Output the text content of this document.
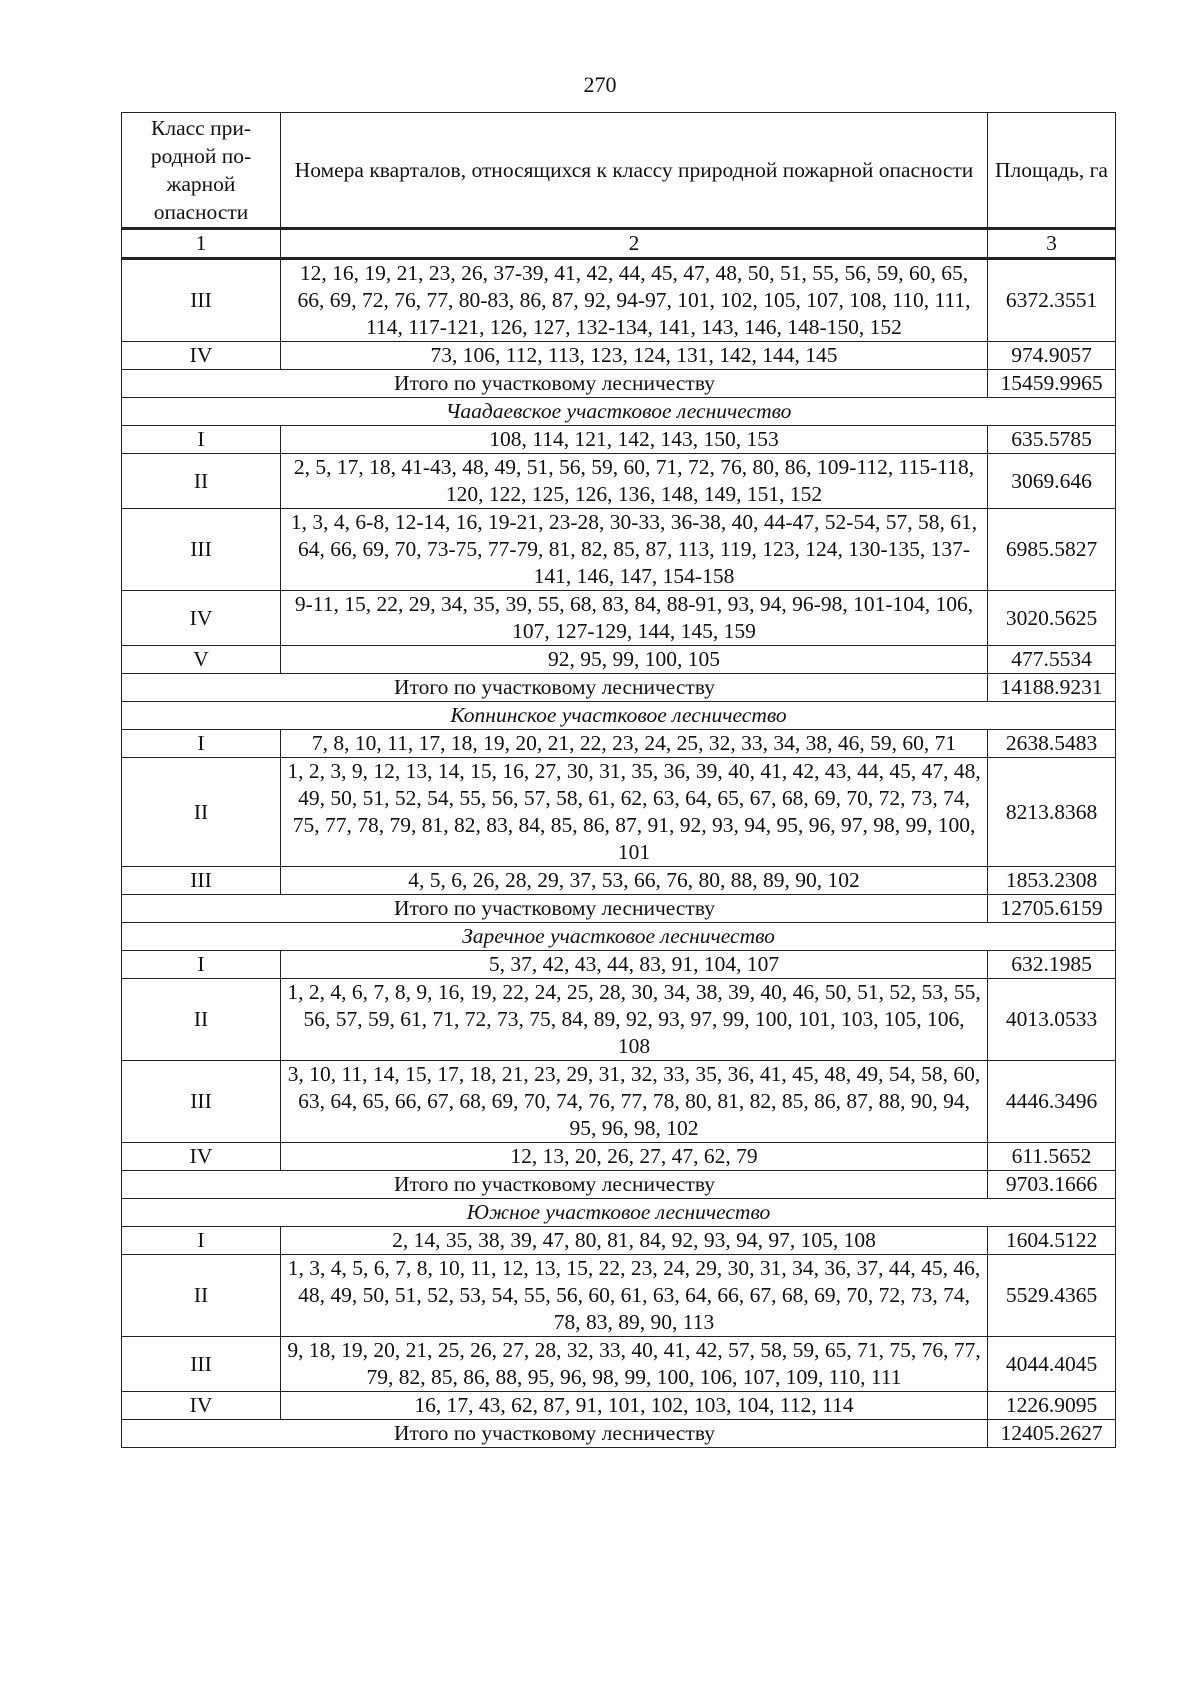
270
Класс при-родной по-жарной опасности	Номера кварталов, относящихся к классу природной пожарной опасности	Площадь, га
1	2	3
III	12, 16, 19, 21, 23, 26, 37-39, 41, 42, 44, 45, 47, 48, 50, 51, 55, 56, 59, 60, 65, 66, 69, 72, 76, 77, 80-83, 86, 87, 92, 94-97, 101, 102, 105, 107, 108, 110, 111, 114, 117-121, 126, 127, 132-134, 141, 143, 146, 148-150, 152	6372.3551
IV	73, 106, 112, 113, 123, 124, 131, 142, 144, 145	974.9057
Итого по участковому лесничеству		15459.9965
Чаадаевское участковое лесничество		
I	108, 114, 121, 142, 143, 150, 153	635.5785
II	2, 5, 17, 18, 41-43, 48, 49, 51, 56, 59, 60, 71, 72, 76, 80, 86, 109-112, 115-118, 120, 122, 125, 126, 136, 148, 149, 151, 152	3069.646
III	1, 3, 4, 6-8, 12-14, 16, 19-21, 23-28, 30-33, 36-38, 40, 44-47, 52-54, 57, 58, 61, 64, 66, 69, 70, 73-75, 77-79, 81, 82, 85, 87, 113, 119, 123, 124, 130-135, 137-141, 146, 147, 154-158	6985.5827
IV	9-11, 15, 22, 29, 34, 35, 39, 55, 68, 83, 84, 88-91, 93, 94, 96-98, 101-104, 106, 107, 127-129, 144, 145, 159	3020.5625
V	92, 95, 99, 100, 105	477.5534
Итого по участковому лесничеству		14188.9231
Копнинское участковое лесничество		
I	7, 8, 10, 11, 17, 18, 19, 20, 21, 22, 23, 24, 25, 32, 33, 34, 38, 46, 59, 60, 71	2638.5483
II	1, 2, 3, 9, 12, 13, 14, 15, 16, 27, 30, 31, 35, 36, 39, 40, 41, 42, 43, 44, 45, 47, 48, 49, 50, 51, 52, 54, 55, 56, 57, 58, 61, 62, 63, 64, 65, 67, 68, 69, 70, 72, 73, 74, 75, 77, 78, 79, 81, 82, 83, 84, 85, 86, 87, 91, 92, 93, 94, 95, 96, 97, 98, 99, 100, 101	8213.8368
III	4, 5, 6, 26, 28, 29, 37, 53, 66, 76, 80, 88, 89, 90, 102	1853.2308
Итого по участковому лесничеству		12705.6159
Заречное участковое лесничество		
I	5, 37, 42, 43, 44, 83, 91, 104, 107	632.1985
II	1, 2, 4, 6, 7, 8, 9, 16, 19, 22, 24, 25, 28, 30, 34, 38, 39, 40, 46, 50, 51, 52, 53, 55, 56, 57, 59, 61, 71, 72, 73, 75, 84, 89, 92, 93, 97, 99, 100, 101, 103, 105, 106, 108	4013.0533
III	3, 10, 11, 14, 15, 17, 18, 21, 23, 29, 31, 32, 33, 35, 36, 41, 45, 48, 49, 54, 58, 60, 63, 64, 65, 66, 67, 68, 69, 70, 74, 76, 77, 78, 80, 81, 82, 85, 86, 87, 88, 90, 94, 95, 96, 98, 102	4446.3496
IV	12, 13, 20, 26, 27, 47, 62, 79	611.5652
Итого по участковому лесничеству		9703.1666
Южное участковое лесничество		
I	2, 14, 35, 38, 39, 47, 80, 81, 84, 92, 93, 94, 97, 105, 108	1604.5122
II	1, 3, 4, 5, 6, 7, 8, 10, 11, 12, 13, 15, 22, 23, 24, 29, 30, 31, 34, 36, 37, 44, 45, 46, 48, 49, 50, 51, 52, 53, 54, 55, 56, 60, 61, 63, 64, 66, 67, 68, 69, 70, 72, 73, 74, 78, 83, 89, 90, 113	5529.4365
III	9, 18, 19, 20, 21, 25, 26, 27, 28, 32, 33, 40, 41, 42, 57, 58, 59, 65, 71, 75, 76, 77, 79, 82, 85, 86, 88, 95, 96, 98, 99, 100, 106, 107, 109, 110, 111	4044.4045
IV	16, 17, 43, 62, 87, 91, 101, 102, 103, 104, 112, 114	1226.9095
Итого по участковому лесничеству		12405.2627
